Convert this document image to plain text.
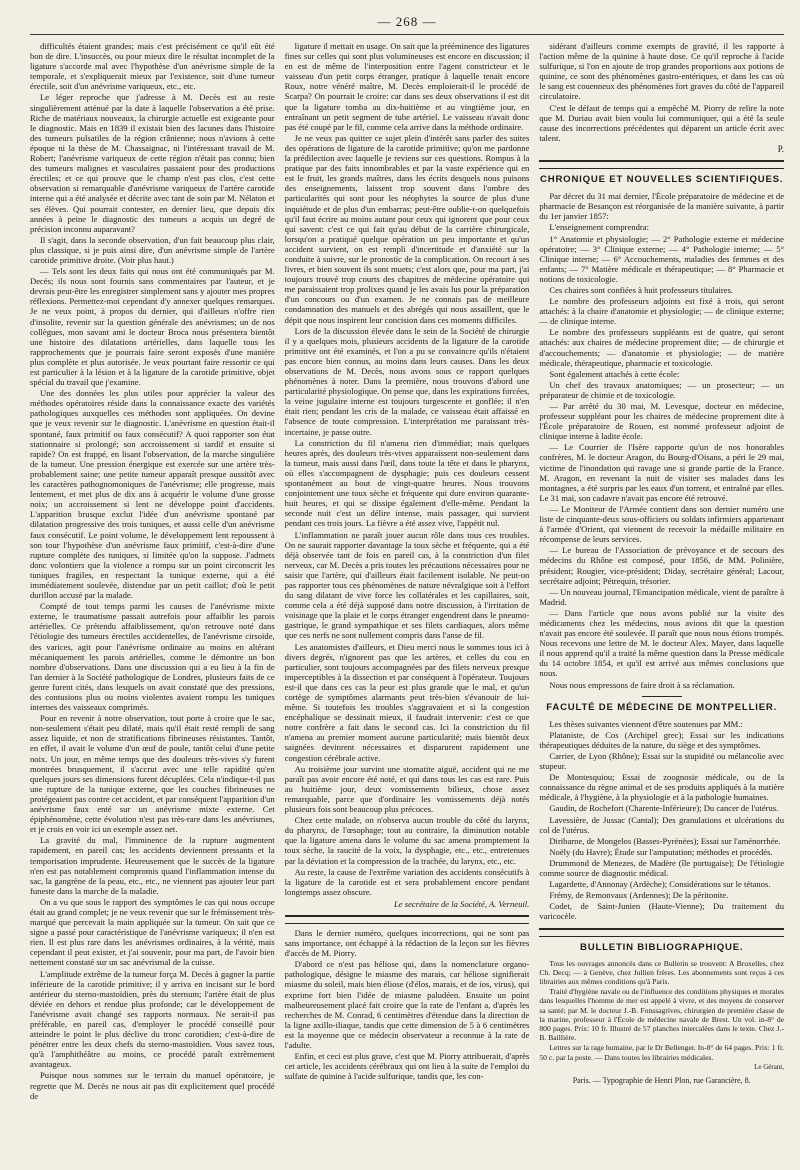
— 268 —

difficultés étaient grandes; mais c'est précisément ce qu'il eût été bon de dire. L'insuccès, ou pour mieux dire le résultat incomplet de la ligature s'accorde mal avec l'hypothèse d'un anévrisme simple de la temporale, et s'expliquerait mieux par l'existence, soit d'une tumeur érectile, soit d'un anévrisme variqueux, etc., etc.

Le léger reproche que j'adresse à M. Decès est au reste singulièrement atténué par la date à laquelle l'observation a été prise. Riche de matériaux nouveaux, la chirurgie actuelle est exigeante pour le diagnostic. Mais en 1839 il existait bien des lacunes dans l'histoire des tumeurs pulsatiles de la région crânienne; nous n'avions à cette époque ni la thèse de M. Chassaignac, ni l'intéressant travail de M. Robert; l'anévrisme variqueux de cette région n'était pas connu; bien des tumeurs malignes et vasculaires passaient pour des productions érectiles; et ce qui prouve que le champ n'est pas clos, c'est cette observation si remarquable d'anévrisme variqueux de l'artère carotide interne qui a été analysée et décrite avec tant de soin par M. Nélaton et ses élèves. Qui pourrait contester, en dernier lieu, que depuis dix années à peine le diagnostic des tumeurs a acquis un degré de précision inconnu auparavant?

Il s'agit, dans la seconde observation, d'un fait beaucoup plus clair, plus classique, si je puis ainsi dire, d'un anévrisme simple de l'artère carotide primitive droite. (Voir plus haut.)

— Tels sont les deux faits qui nous ont été communiqués par M. Decès; ils nous sont fournis sans commentaires par l'auteur, et je devrais peut-être les enregistrer simplement sans y ajouter mes propres réflexions. Permettez-moi cependant d'y annexer quelques remarques. Je ne veux point, à propos du dernier, qui d'ailleurs n'offre rien d'insolite, revenir sur la question générale des anévrismes; un de nos collègues, mon savant ami le docteur Broca nous présentera bientôt une histoire des dilatations artérielles, dans laquelle tous les rapprochements que je pourrais faire seront exposés d'une manière plus complète et plus autorisée. Je veux pourtant faire ressortir ce qui est particulier à la lésion et à la ligature de la carotide primitive, objet spécial du travail que j'examine.

Une des données les plus utiles pour apprécier la valeur des méthodes opératoires réside dans la connaissance exacte des variétés pathologiques auxquelles ces méthodes sont appliquées. On devine que je veux revenir sur le diagnostic. L'anévrisme en question était-il spontané, faux primitif ou faux consécutif? A quoi rapporter son état stationnaire si prolongé; son accroissement si tardif et ensuite si rapide? On est frappé, en lisant l'observation, de la marche singulière de la tumeur. Une pression énergique est exercée sur une artère très-probablement saine; une petite tumeur apparaît presque aussitôt avec les caractères pathognomoniques de l'anévrisme; elle progresse, mais lentement, et met plus de dix ans à acquérir le volume d'une grosse noix; un accroissement si lent ne développe point d'accidents. L'apparition brusque exclut l'idée d'un anévrisme spontané par dilatation progressive des trois tuniques, et aussi celle d'un anévrisme faux consécutif. Le point volume, le développement lent repoussent à son tour l'hypothèse d'un anévrisme faux primitif, c'est-à-dire d'une rupture complète des tuniques, si limitée qu'on la suppose. J'admets donc volontiers que la violence a rompu sur un point circonscrit les tuniques fragiles, en respectant la tunique externe, qui a été immédiatement soulevée, distendue par un petit caillot; d'où le petit durillon accusé par la malade.

Compté de tout temps parmi les causes de l'anévrisme mixte externe, le traumatisme passait autrefois pour affaiblir les parois artérielles. Ce prétendu affaiblissement, qu'on retrouve noté dans l'étiologie des tumeurs érectiles accidentelles, de l'anévrisme cirsoïde, des varices, agit pour l'anévrisme ordinaire au moins en altérant mécaniquement les parois artérielles, comme le démontre un bon nombre d'observations. Dans une discussion qui a eu lieu à la fin de l'an dernier à la Société pathologique de Londres, plusieurs faits de ce genre furent cités, dans lesquels on avait constaté que des pressions, des contusions plus ou moins violentes avaient rompu les tuniques internes des vaisseaux comprimés.

Pour en revenir à notre observation, tout porte à croire que le sac, non-seulement s'était peu dilaté, mais qu'il était resté rempli de sang assez liquide, et non de stratifications fibrineuses résistantes. Tantôt, en effet, il avait le volume d'un œuf de poule, tantôt celui d'une petite noix. Un jour, en même temps que des douleurs très-vives s'y furent montrées brusquement, il s'accrut avec une telle rapidité qu'en quelques jours ses dimensions furent décuplées. Cela n'indique-t-il pas une rupture de la tunique externe, que les couches fibrineuses ne protégeaient pas contre cet accident, et par conséquent l'apparition d'un anévrisme faux enté sur un anévrisme mixte externe. Cet épiphénomène, cette évolution n'est pas très-rare dans les anévrismes, et je crois en voir ici un exemple assez net.

La gravité du mal, l'imminence de la rupture augmentent rapidement, en pareil cas; les accidents deviennent pressants et la temporisation imprudente. Heureusement que le succès de la ligature n'en est pas notablement compromis quand l'inflammation intense du sac, la gangrène de la peau, etc., etc., ne viennent pas ajouter leur part funeste dans la marche de la maladie.

On a vu que sous le rapport des symptômes le cas qui nous occupe était au grand complet; je ne veux revenir que sur le frémissement très-marqué que percevait la main appliquée sur la tumeur. On sait que ce signe a passé pour caractéristique de l'anévrisme variqueux; il n'en est rien. Il est plus rare dans les anévrismes ordinaires, à la vérité, mais cependant il peut exister, et j'ai souvenir, pour ma part, de l'avoir bien nettement constaté sur un sac anévrismal de la cuisse.

L'amplitude extrême de la tumeur força M. Decès à gagner la partie inférieure de la carotide primitive; il y arriva en incisant sur le bord antérieur du sterno-mastoïdien, près du sternum; l'artère était de plus déviée en dehors et rendue plus profonde; car le développement de l'anévrisme avait changé ses rapports normaux. Ne serait-il pas préférable, en pareil cas, d'employer le procédé conseillé pour atteindre le point le plus déclive du tronc carotidien; c'est-à-dire de pénétrer entre les deux chefs du sterno-mastoïdien. Vous savez tous, qu'à l'amphithéâtre au moins, ce procédé paraît extrêmement avantageux.

Puisque nous sommes sur le terrain du manuel opératoire, je regrette que M. Decès ne nous ait pas dit explicitement quel procédé de

ligature il mettait en usage. On sait que la prééminence des ligatures fines sur celles qui sont plus volumineuses est encore en discussion; il en est de même de l'interposition entre l'agent constricteur et le vaisseau d'un petit corps étranger, pratique à laquelle tenait encore Roux, notre vénéré maître, M. Decès emploierait-il le procédé de Scarpa? On pourrait le croire: car dans ses deux observations il est dit que la ligature tomba au dix-huitième et au vingtième jour, en entraînant un petit segment de tube artériel. Le vaisseau n'avait donc pas été coupé par le fil, comme cela arrive dans la méthode ordinaire.

Je ne veux pas quitter ce sujet plein d'intérêt sans parler des suites des opérations de ligature de la carotide primitive; qu'on me pardonne la prédilection avec laquelle je reviens sur ces questions. Rompus à la pratique par des faits innombrables et par la vaste expérience qui en est le fruit, les grands maîtres, dans les écrits desquels nous puisons des enseignements, laissent trop souvent dans l'ombre des particularités qui sont pour les néophytes la source de plus d'une inquiétude et de plus d'un embarras; peut-être oublie-t-on quelquefois qu'il faut écrire au moins autant pour ceux qui ignorent que pour ceux qui savent: c'est ce qui fait qu'au début de la carrière chirurgicale, lorsqu'on a pratiqué quelque opération un peu importante et qu'un accident survient, on est rempli d'incertitude et d'anxiété sur la conduite à suivre, sur le pronostic de la complication. On recourt à ses livres, et bien souvent ils sont muets; c'est alors que, pour ma part, j'ai toujours trouvé trop courts des chapitres de médecine opératoire qui me paraissaient trop prolixes quand je les avais lus pour la préparation d'un concours ou d'un examen. Je ne connais pas de meilleure condamnation des manuels et des abrégés qui nous assaillent, que le dépit que nous inspirent leur concision dans ces moments difficiles.

Lors de la discussion élevée dans le sein de la Société de chirurgie il y a quelques mois, plusieurs accidents de la ligature de la carotide primitive ont été examinés, et l'on a pu se convaincre qu'ils n'étaient pas encore bien connus, au moins dans leurs causes. Dans les deux observations de M. Decès, nous avons sous ce rapport quelques phénomènes à noter. Dans la première, nous trouvons d'abord une particularité physiologique. On pense que, dans les expirations forcées, la veine jugulaire interne est toujours turgescente et gonflée; il n'en était rien; pendant les cris de la malade, ce vaisseau était affaissé en l'absence de toute compression. L'interprétation me paraissant très-incertaine, je passe outre.

La constriction du fil n'amena rien d'immédiat; mais quelques heures après, des douleurs très-vives apparaissent non-seulement dans la tumeur, mais aussi dans l'œil, dans toute la tête et dans le pharynx, où elles s'accompagnent de dysphagie; puis ces douleurs cessent spontanément au bout de vingt-quatre heures. Nous trouvons conjointement une toux sèche et fréquente qui dure environ quarante-huit heures, et qui se dissipe également d'elle-même. Pendant la seconde nuit c'est un délire intense, mais passager, qui survient pendant ces trois jours. La fièvre a été assez vive, l'appétit nul.

L'inflammation ne paraît jouer aucun rôle dans tous ces troubles. On ne saurait rapporter davantage la toux sèche et fréquente, qui a été déjà observée tant de fois en pareil cas, à la constriction d'un filet nerveux, car M. Decès a pris toutes les précautions nécessaires pour ne saisir que l'artère, qui d'ailleurs était facilement isolable. Ne peut-on pas rapporter tous ces phénomènes de nature névralgique soit à l'effort du sang dilatant de vive force les collatérales et les capillaires, soit, comme cela a été déjà supposé dans notre discussion, à l'irritation de voisinage que la plaie et le corps étranger engendrent dans le pneumo-gastrique, le grand sympathique et ses filets cardiaques, alors même que ces nerfs ne sont nullement compris dans l'anse de fil.

Les anatomistes d'ailleurs, et Dieu merci nous le sommes tous ici à divers degrés, n'ignorent pas que les artères, et celles du cou en particulier, sont toujours accompagnées par des filets nerveux presque imperceptibles à la dissection et par conséquent à l'opérateur. Toujours est-il que dans ces cas la peur est plus grande que le mal, et qu'un cortège de symptômes alarmants peut très-bien s'évanouir de lui-même. Si toutefois les troubles s'aggravaient et si la congestion encéphalique se dessinait mieux, il faudrait intervenir: c'est ce que notre confrère a fait dans le second cas. Ici la constriction du fil n'amena au premier moment aucune particularité; mais bientôt deux saignées devinrent nécessaires et disparurent rapidement une congestion cérébrale active.

Au troisième jour survint une stomatite aiguë, accident qui ne me paraît pas avoir encore été noté, et qui dans tous les cas est rare. Puis au huitième jour, deux vomissements bilieux, chose assez remarquable, parce que d'ordinaire les vomissements déjà notés plusieurs fois sont beaucoup plus précoces.

Chez cette malade, on n'observa aucun trouble du côté du larynx, du pharynx, de l'œsophage; tout au contraire, la diminution notable que la ligature amena dans le volume du sac amena promptement la toux sèche, la raucité de la voix, la dysphagie, etc., etc., entretenues par la déviation et la compression de la trachée, du larynx, etc., etc.

Au reste, la cause de l'extrême variation des accidents consécutifs à la ligature de la carotide est et sera probablement encore pendant longtemps assez obscure.

Le secrétaire de la Société, A. Verneuil.

Dans le dernier numéro, quelques incorrections, qui ne sont pas sans importance, ont échappé à la rédaction de la leçon sur les fièvres d'accès de M. Piorry.

D'abord ce n'est pas héliose qui, dans la nomenclature organo-pathologique, désigne le miasme des marais, car héliose signifierait miasme du soleil, mais bien éliose (d'élos, marais, et de ios, virus), qui exprime fort bien l'idée de miasme paludéen. Ensuite un point malheureusement placé fait croire que la rate de l'enfant a, d'après les recherches de M. Conrad, 6 centimètres d'étendue dans la direction de la ligne axillo-iliaque, tandis que cette dimension de 5 à 6 centimètres est la moyenne que ce médecin observateur a reconnue à la rate de l'adulte.

Enfin, et ceci est plus grave, c'est que M. Piorry attribuerait, d'après cet article, les accidents cérébraux qui ont lieu à la suite de l'emploi du sulfate de quinine à l'acide sulfurique, tandis que, les con-

sidérant d'ailleurs comme exempts de gravité, il les rapporte à l'action même de la quinine à haute dose. Ce qu'il reproche à l'acide sulfurique, si l'on en ajoute de trop grandes proportions aux potions de quinine, ce sont des phénomènes gastro-entériques, et dans les cas où le sang est couenneux des phénomènes fort graves du côté de l'appareil circulatoire.

C'est le défaut de temps qui a empêché M. Piorry de relire la note que M. Duriau avait bien voulu lui communiquer, qui a été la seule cause des incorrections précédentes qui déparent un article écrit avec talent.

P.
CHRONIQUE ET NOUVELLES SCIENTIFIQUES.

Par décret du 31 mai dernier, l'École préparatoire de médecine et de pharmacie de Besançon est réorganisée de la manière suivante, à partir du 1er janvier 1857:

L'enseignement comprendra:

1° Anatomie et physiologie; — 2° Pathologie externe et médecine opératoire; — 3° Clinique externe; — 4° Pathologie interne; — 5° Clinique interne; — 6° Accouchements, maladies des femmes et des enfants; — 7° Matière médicale et thérapeutique; — 8° Pharmacie et notions de toxicologie.

Ces chaires sont confiées à huit professeurs titulaires.

Le nombre des professeurs adjoints est fixé à trois, qui seront attachés: à la chaire d'anatomie et physiologie; — de clinique externe; — de clinique interne.

Le nombre des professeurs suppléants est de quatre, qui seront attachés: aux chaires de médecine proprement dite; — de chirurgie et d'accouchements; — d'anatomie et physiologie; — de matière médicale, thérapeutique, pharmacie et toxicologie.

Sont également attachés à cette école:

Un chef des travaux anatomiques; — un prosecteur; — un préparateur de chimie et de toxicologie.

— Par arrêté du 30 mai, M. Levesque, docteur en médecine, professeur suppléant pour les chaires de médecine proprement dite à l'École préparatoire de Rouen, est nommé professeur adjoint de clinique interne à ladite école.

— Le Courrier de l'Isère rapporte qu'un de nos honorables confrères, M. le docteur Aragon, du Bourg-d'Oisans, a péri le 29 mai, victime de l'inondation qui ravage une si grande partie de la France. M. Aragon, en revenant la nuit de visiter ses malades dans les montagnes, a été surpris par les eaux d'un torrent, et entraîné par elles. Le 31 mai, son cadavre n'avait pas encore été retrouvé.

— Le Moniteur de l'Armée contient dans son dernier numéro une liste de cinquante-deux sous-officiers ou soldats infirmiers appartenant à l'armée d'Orient, qui viennent de recevoir la médaille militaire en récompense de leurs services.

— Le bureau de l'Association de prévoyance et de secours des médecins du Rhône est composé, pour 1856, de MM. Polinière, président; Rougier, vice-président; Diday, secrétaire général; Lacour, secrétaire adjoint; Pétrequin, trésorier.

— Un nouveau journal, l'Emancipation médicale, vient de paraître à Madrid.

— Dans l'article que nous avons publié sur la visite des médicaments chez les médecins, nous avions dit que la question n'avait pas encore été soulevée. Il paraît que nous nous étions trompés. Nous recevons une lettre de M. le docteur Alex. Mayer, dans laquelle il nous apprend qu'il a traité la même question dans la Presse médicale du 14 octobre 1854, et qu'il est arrivé aux mêmes conclusions que nous.

Nous nous empressons de faire droit à sa réclamation.

FACULTÉ DE MÉDECINE DE MONTPELLIER.

Les thèses suivantes viennent d'être soutenues par MM.:

Plataniste, de Cos (Archipel grec); Essai sur les indications thérapeutiques déduites de la nature, du siège et des symptômes.

Carrier, de Lyon (Rhône); Essai sur la stupidité ou mélancolie avec stupeur.

De Montesquiou; Essai de zoognosie médicale, ou de la connaissance du règne animal et de ses produits appliqués à la matière médicale, à l'hygiène, à la physiologie et à la pathologie humaines.

Gaudin, de Rochefort (Charente-Inférieure); Du cancer de l'utérus.

Lavessière, de Jussac (Cantal); Des granulations et ulcérations du col de l'utérus.

Diribarne, de Mongelos (Basses-Pyrénées); Essai sur l'aménorrhée.

Noëly (du Havre); Étude sur l'amputation; méthodes et procédés.

Drummond de Menezes, de Madère (île portugaise); De l'étiologie comme source de diagnostic médical.

Lagardette, d'Annonay (Ardèche); Considérations sur le tétanos.

Frémy, de Remonvaux (Ardennes); De la péritonite.

Codet, de Saint-Junien (Haute-Vienne); Du traitement du varicocèle.

BULLETIN BIBLIOGRAPHIQUE.

Tous les ouvrages annoncés dans ce Bulletin se trouvent: A Bruxelles, chez Ch. Decq; — à Genève, chez Jullien frères. Les abonnements sont reçus à ces librairies aux mêmes conditions qu'à Paris.

Traité d'hygiène navale ou de l'influence des conditions physiques et morales dans lesquelles l'homme de mer est appelé à vivre, et des moyens de conserver sa santé; par M. le docteur J.-B. Fonssagrives, chirurgien de première classe de la marine, professeur à l'École de médecine navale de Brest. Un vol. in-8° de 800 pages. Prix: 10 fr. Illustré de 57 planches intercalées dans le texte. Chez J.-B. Baillière.

Lettres sur la rage humaine, par le Dr Bellenger. In-8° de 64 pages. Prix: 1 fr. 50 c. par la poste. — Dans toutes les librairies médicales.

Le Gérant,
Paris. — Typographie de Henri Plon, rue Garancière, 8.
